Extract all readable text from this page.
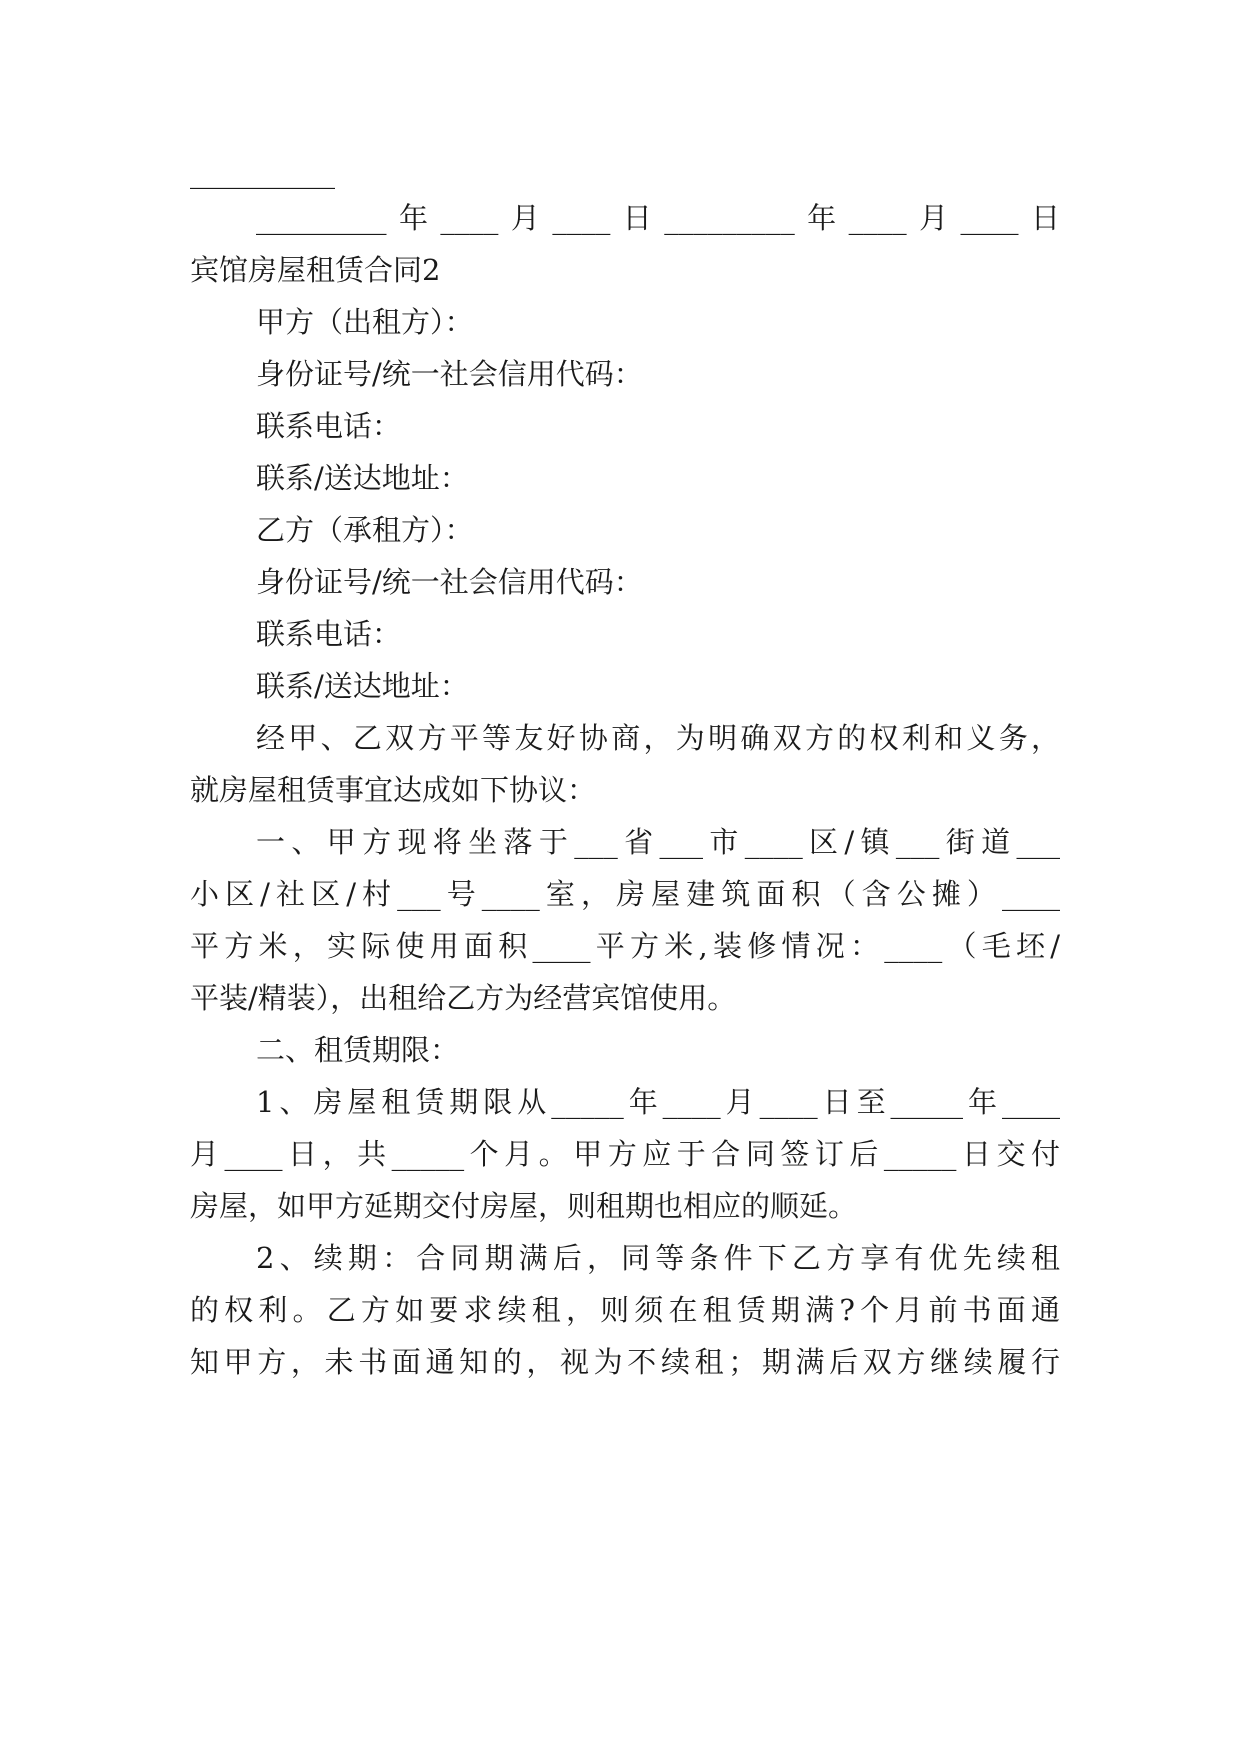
__________
_________年____月____日_________年____月____日
宾馆房屋租赁合同2
甲方（出租方）：
身份证号/统一社会信用代码：
联系电话：
联系/送达地址：
乙方（承租方）：
身份证号/统一社会信用代码：
联系电话：
联系/送达地址：
经甲、乙双方平等友好协商，为明确双方的权利和义务，
就房屋租赁事宜达成如下协议：
一、甲方现将坐落于___省___市____区/镇___街道___
小区/社区/村___号____室，房屋建筑面积（含公摊）____
平方米，实际使用面积____平方米,装修情况：____（毛坯/
平装/精装），出租给乙方为经营宾馆使用。
二、租赁期限：
1、房屋租赁期限从_____年____月____日至_____年____
月____日，共_____个月。甲方应于合同签订后_____日交付
房屋，如甲方延期交付房屋，则租期也相应的顺延。
2、续期：合同期满后，同等条件下乙方享有优先续租
的权利。乙方如要求续租，则须在租赁期满?个月前书面通
知甲方，未书面通知的，视为不续租；期满后双方继续履行
